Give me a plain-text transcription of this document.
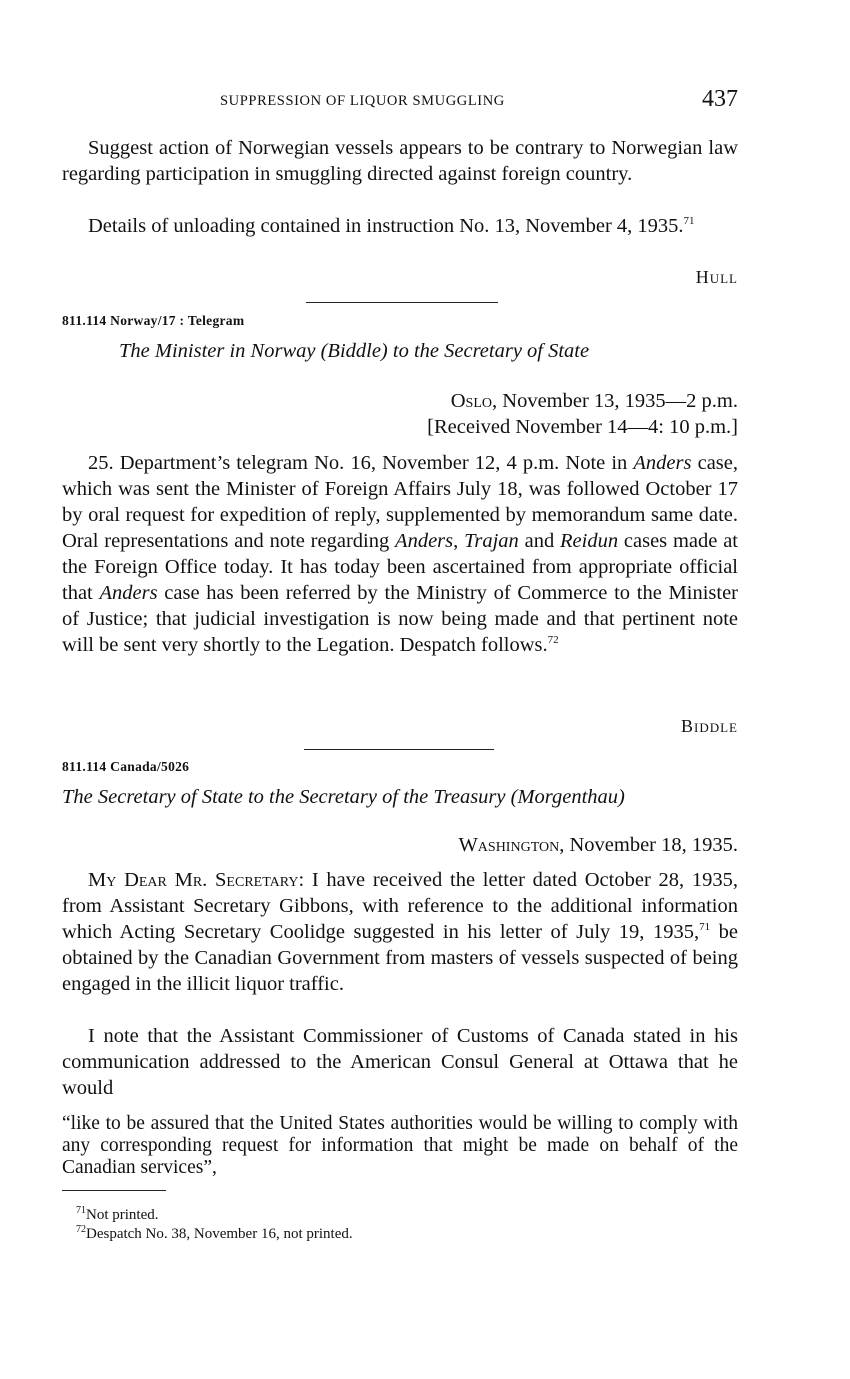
SUPPRESSION OF LIQUOR SMUGGLING	437

Suggest action of Norwegian vessels appears to be contrary to Norwegian law regarding participation in smuggling directed against foreign country.

Details of unloading contained in instruction No. 13, November 4, 1935.71

Hull

811.114 Norway/17 : Telegram

The Minister in Norway (Biddle) to the Secretary of State

Oslo, November 13, 1935—2 p.m.

[Received November 14—4: 10 p.m.]

25. Department’s telegram No. 16, November 12, 4 p.m. Note in Anders case, which was sent the Minister of Foreign Affairs July 18, was followed October 17 by oral request for expedition of reply, supplemented by memorandum same date. Oral representations and note regarding Anders, Trajan and Reidun cases made at the Foreign Office today. It has today been ascertained from appropriate official that Anders case has been referred by the Ministry of Commerce to the Minister of Justice; that judicial investigation is now being made and that pertinent note will be sent very shortly to the Legation. Despatch follows.$^{72}$

Biddle

811.114 Canada/5026

The Secretary of State to the Secretary of the Treasury (Morgenthau)

Washington, November 18, 1935.

My Dear Mr. Secretary: I have received the letter dated October 28, 1935, from Assistant Secretary Gibbons, with reference to the additional information which Acting Secretary Coolidge suggested in his letter of July 19, 1935,71 be obtained by the Canadian Government from masters of vessels suspected of being engaged in the illicit liquor traffic.

I note that the Assistant Commissioner of Customs of Canada stated in his communication addressed to the American Consul General at Ottawa that he would

“like to be assured that the United States authorities would be willing to comply with any corresponding request for information that might be made on behalf of the Canadian services”,

$^{71}$Not printed.

$^{72}$Despatch No. 38, November 16, not printed.
